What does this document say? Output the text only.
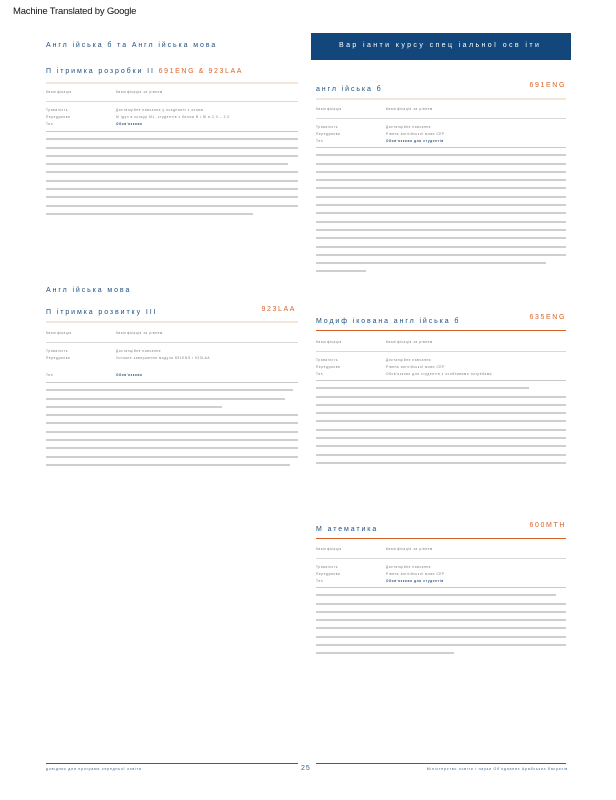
Machine Translated by Google
Англ ійська б та Англ ійська мова
П ітримка розробки II 691ENG & 923LAA
Кваліфікація	Кваліфікація за рівнем
Тривалість	Дистанційне навчання у поєднанні з очним
Передумови	М ідул в конкур М1, студентів з балом В і Ю в 2,0 – 2,0
Тип	Обов'язково
Англ ійська мова
П ітримка розвитку III	923LAA
Кваліфікація	Кваліфікація за рівнем
Тривалість	Дистанційне навчання
Передумови	Успішне завершення модуля 691ENG і 923LAA
Тип	Обов'язково
Вар іанти курсу спец іальної осв іти
англ ійська б
691ENG
Кваліфікація	Кваліфікація за рівнем
Тривалість	Дистанційне навчання
Передумови	Рівень англійської мови СЕР
Тип	Обов'язково для студентів
Модиф ікована англ ійська б
635ENG
Кваліфікація	Кваліфікація за рівнем
Тривалість	Дистанційне навчання
Передумови	Рівень англійської мови СЕР
Тип	Обов'язково для студентів з особливими потребами
М атематика
600MTH
Кваліфікація	Кваліфікація за рівнем
Тривалість	Дистанційне навчання
Передумови	Рівень англійської мови СЕР
Тип	Обов'язково для студентів
довідник для програми середньої освіти	25	Міністерство освіти і науки Об'єднаних Арабських Еміратів
